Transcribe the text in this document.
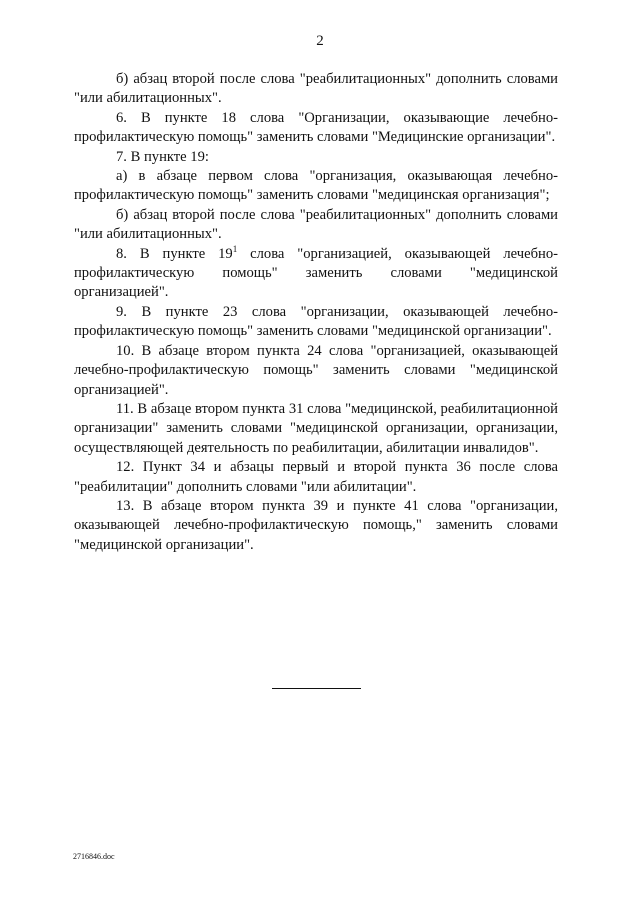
2

б) абзац второй после слова "реабилитационных" дополнить словами "или абилитационных".

6. В пункте 18 слова "Организации, оказывающие лечебно-профилактическую помощь" заменить словами "Медицинские организации".

7. В пункте 19:

а) в абзаце первом слова "организация, оказывающая лечебно-профилактическую помощь" заменить словами "медицинская организация";

б) абзац второй после слова "реабилитационных" дополнить словами "или абилитационных".

8. В пункте $19^1$ слова "организацией, оказывающей лечебно-профилактическую помощь" заменить словами "медицинской организацией".

9. В пункте 23 слова "организации, оказывающей лечебно-профилактическую помощь" заменить словами "медицинской организации".

10. В абзаце втором пункта 24 слова "организацией, оказывающей лечебно-профилактическую помощь" заменить словами "медицинской организацией".

11. В абзаце втором пункта 31 слова "медицинской, реабилитационной организации" заменить словами "медицинской организации, организации, осуществляющей деятельность по реабилитации, абилитации инвалидов".

12. Пункт 34 и абзацы первый и второй пункта 36 после слова "реабилитации" дополнить словами "или абилитации".

13. В абзаце втором пункта 39 и пункте 41 слова "организации, оказывающей лечебно-профилактическую помощь," заменить словами "медицинской организации".

2716846.doc
